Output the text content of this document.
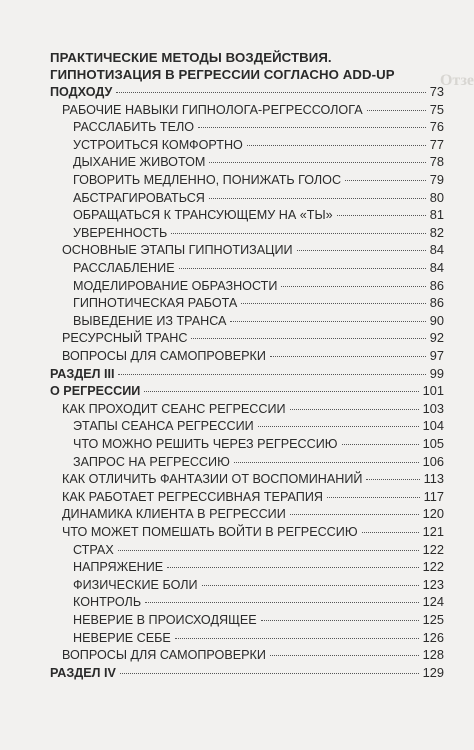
Отзе
ПРАКТИЧЕСКИЕ МЕТОДЫ ВОЗДЕЙСТВИЯ.
ГИПНОТИЗАЦИЯ В РЕГРЕССИИ СОГЛАСНО ADD-UP
ПОДХОДУ	73
РАБОЧИЕ НАВЫКИ ГИПНОЛОГА-РЕГРЕССОЛОГА	75
РАССЛАБИТЬ ТЕЛО	76
УСТРОИТЬСЯ КОМФОРТНО	77
ДЫХАНИЕ ЖИВОТОМ	78
ГОВОРИТЬ МЕДЛЕННО, ПОНИЖАТЬ ГОЛОС	79
АБСТРАГИРОВАТЬСЯ	80
ОБРАЩАТЬСЯ К ТРАНСУЮЩЕМУ НА «ТЫ»	81
УВЕРЕННОСТЬ	82
ОСНОВНЫЕ ЭТАПЫ ГИПНОТИЗАЦИИ	84
РАССЛАБЛЕНИЕ	84
МОДЕЛИРОВАНИЕ ОБРАЗНОСТИ	86
ГИПНОТИЧЕСКАЯ РАБОТА	86
ВЫВЕДЕНИЕ ИЗ ТРАНСА	90
РЕСУРСНЫЙ ТРАНС	92
ВОПРОСЫ ДЛЯ САМОПРОВЕРКИ	97
РАЗДЕЛ III	99
О РЕГРЕССИИ	101
КАК ПРОХОДИТ СЕАНС РЕГРЕССИИ	103
ЭТАПЫ СЕАНСА РЕГРЕССИИ	104
ЧТО МОЖНО РЕШИТЬ ЧЕРЕЗ РЕГРЕССИЮ	105
ЗАПРОС НА РЕГРЕССИЮ	106
КАК ОТЛИЧИТЬ ФАНТАЗИИ ОТ ВОСПОМИНАНИЙ	113
КАК РАБОТАЕТ РЕГРЕССИВНАЯ ТЕРАПИЯ	117
ДИНАМИКА КЛИЕНТА В РЕГРЕССИИ	120
ЧТО МОЖЕТ ПОМЕШАТЬ ВОЙТИ В РЕГРЕССИЮ	121
СТРАХ	122
НАПРЯЖЕНИЕ	122
ФИЗИЧЕСКИЕ БОЛИ	123
КОНТРОЛЬ	124
НЕВЕРИЕ В ПРОИСХОДЯЩЕЕ	125
НЕВЕРИЕ СЕБЕ	126
ВОПРОСЫ ДЛЯ САМОПРОВЕРКИ	128
РАЗДЕЛ IV	129
